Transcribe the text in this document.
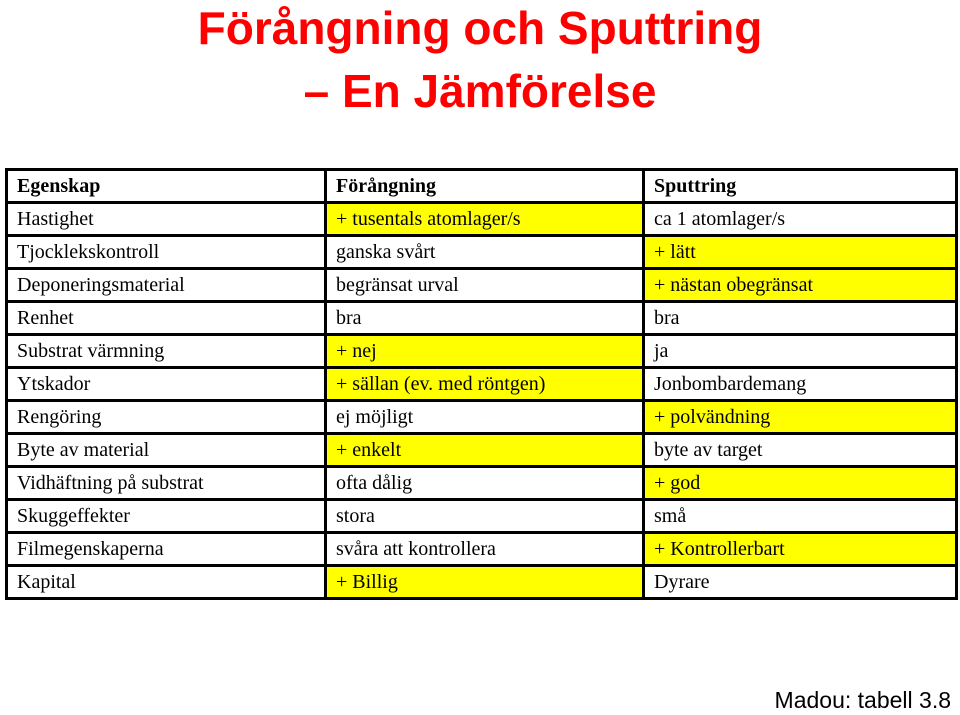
Förångning och Sputtring
– En Jämförelse
Egenskap	Förångning	Sputtring
Hastighet	+ tusentals atomlager/s	ca 1 atomlager/s
Tjocklekskontroll	ganska svårt	+ lätt
Deponeringsmaterial	begränsat urval	+ nästan obegränsat
Renhet	bra	bra
Substrat värmning	+ nej	ja
Ytskador	+ sällan (ev. med röntgen)	Jonbombardemang
Rengöring	ej möjligt	+ polvändning
Byte av material	+ enkelt	byte av target
Vidhäftning på substrat	ofta dålig	+ god
Skuggeffekter	stora	små
Filmegenskaperna	svåra att kontrollera	+ Kontrollerbart
Kapital	+ Billig	Dyrare
Madou: tabell 3.8
